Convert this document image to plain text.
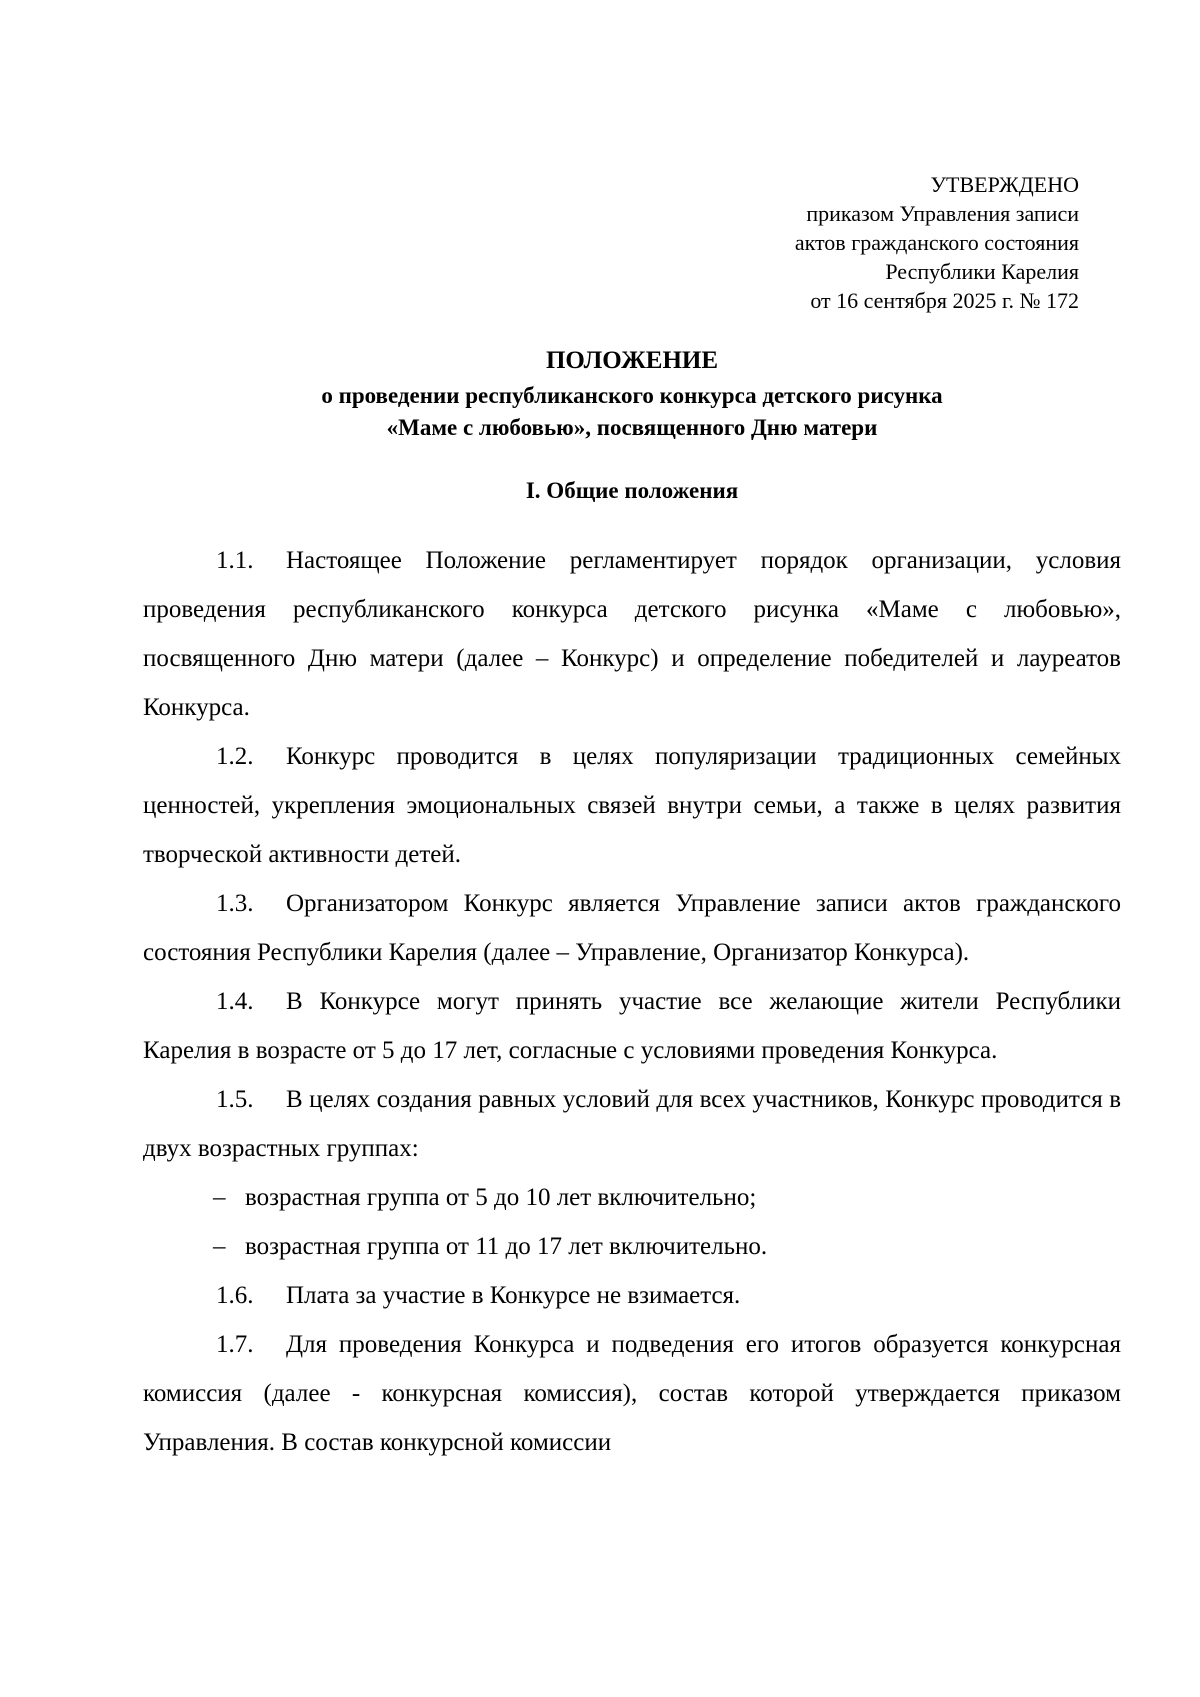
УТВЕРЖДЕНО
приказом Управления записи
актов гражданского состояния
Республики Карелия
от 16 сентября 2025 г. № 172
ПОЛОЖЕНИЕ
о проведении республиканского конкурса детского рисунка
«Маме с любовью», посвященного Дню матери
I. Общие положения

1.1. Настоящее Положение регламентирует порядок организации, условия проведения республиканского конкурса детского рисунка «Маме с любовью», посвященного Дню матери (далее – Конкурс) и определение победителей и лауреатов Конкурса.

1.2. Конкурс проводится в целях популяризации традиционных семейных ценностей, укрепления эмоциональных связей внутри семьи, а также в целях развития творческой активности детей.

1.3. Организатором Конкурс является Управление записи актов гражданского состояния Республики Карелия (далее – Управление, Организатор Конкурса).

1.4. В Конкурсе могут принять участие все желающие жители Республики Карелия в возрасте от 5 до 17 лет, согласные с условиями проведения Конкурса.

1.5. В целях создания равных условий для всех участников, Конкурс проводится в двух возрастных группах:

– возрастная группа от 5 до 10 лет включительно;

– возрастная группа от 11 до 17 лет включительно.

1.6. Плата за участие в Конкурсе не взимается.

1.7. Для проведения Конкурса и подведения его итогов образуется конкурсная комиссия (далее - конкурсная комиссия), состав которой утверждается приказом Управления. В состав конкурсной комиссии
